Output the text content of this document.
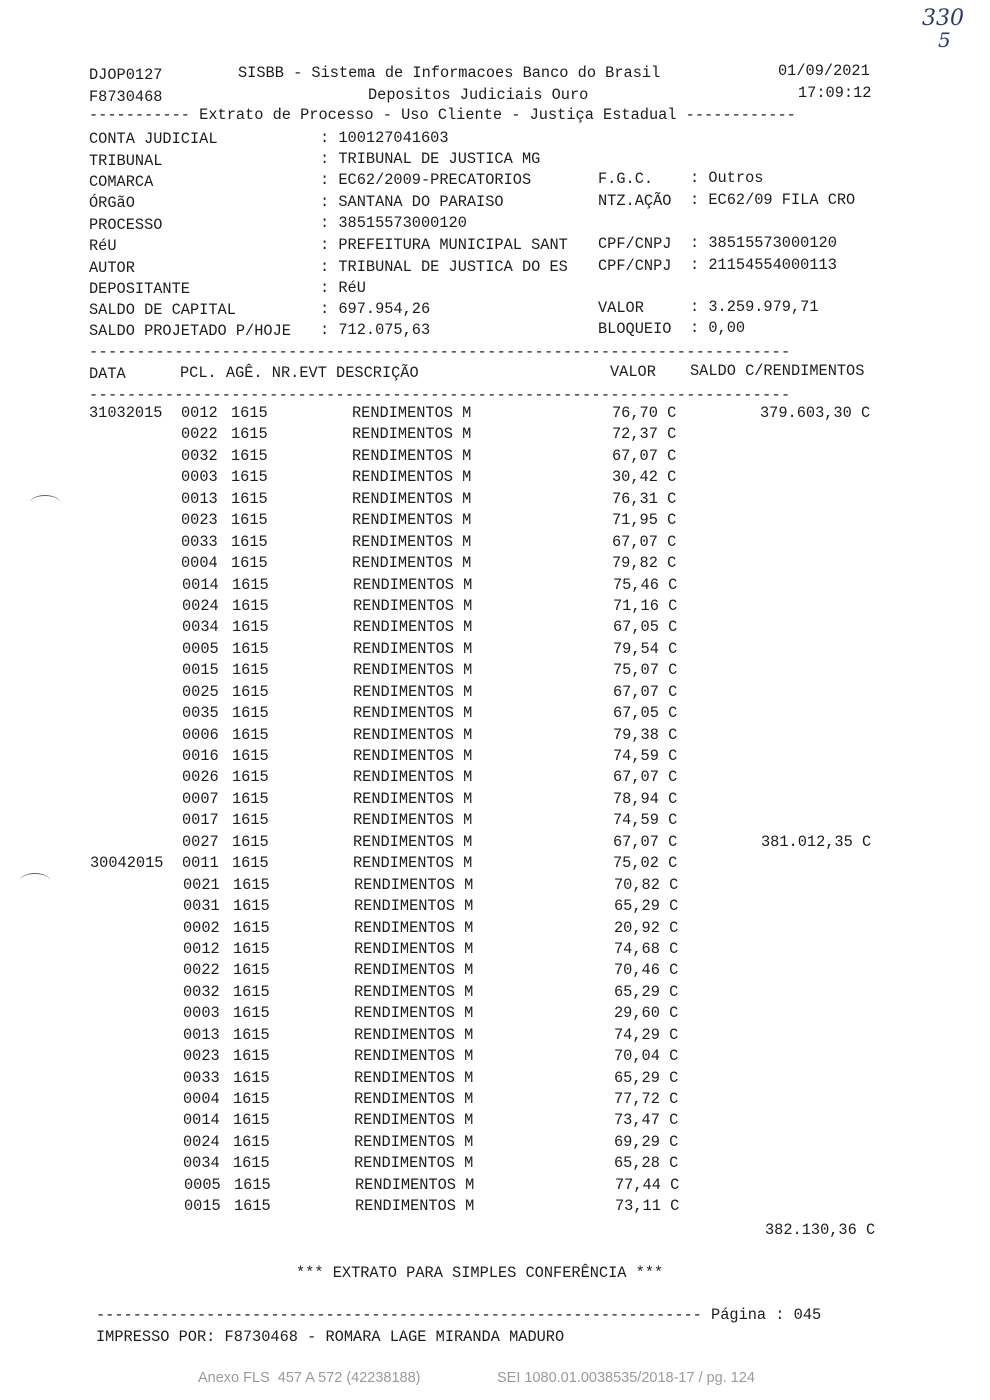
330
5
DJOP0127	SISBB - Sistema de Informacoes Banco do Brasil	01/09/2021
F8730468	Depositos Judiciais Ouro	17:09:12
----------- Extrato de Processo - Uso Cliente - Justiça Estadual ------------
CONTA JUDICIAL	: 100127041603
TRIBUNAL	: TRIBUNAL DE JUSTICA MG
COMARCA	: EC62/2009-PRECATORIOS	F.G.C. : Outros
ÓRGãO	: SANTANA DO PARAISO	NTZ.AÇÃO : EC62/09 FILA CRO
PROCESSO	: 38515573000120
RéU	: PREFEITURA MUNICIPAL SANT CPF/CNPJ : 38515573000120
AUTOR	: TRIBUNAL DE JUSTICA DO ES CPF/CNPJ : 21154554000113
DEPOSITANTE	: RéU
SALDO DE CAPITAL	: 697.954,26	VALOR	: 3.259.979,71
SALDO PROJETADO P/HOJE : 712.075,63	BLOQUEIO : 0,00
--------------------------------------------------------------------------
DATA	PCL. AGÊ. NR.EVT DESCRIÇÃO	VALOR SALDO C/RENDIMENTOS
--------------------------------------------------------------------------
31032015 0012 1615	RENDIMENTOS M	76,70 C	379.603,30 C
0022 1615	RENDIMENTOS M	72,37 C
0032 1615	RENDIMENTOS M	67,07 C
0003 1615	RENDIMENTOS M	30,42 C
0013 1615	RENDIMENTOS M	76,31 C
0023 1615	RENDIMENTOS M	71,95 C
0033 1615	RENDIMENTOS M	67,07 C
0004 1615	RENDIMENTOS M	79,82 C
0014 1615	RENDIMENTOS M	75,46 C
0024 1615	RENDIMENTOS M	71,16 C
0034 1615	RENDIMENTOS M	67,05 C
0005 1615	RENDIMENTOS M	79,54 C
0015 1615	RENDIMENTOS M	75,07 C
0025 1615	RENDIMENTOS M	67,07 C
0035 1615	RENDIMENTOS M	67,05 C
0006 1615	RENDIMENTOS M	79,38 C
0016 1615	RENDIMENTOS M	74,59 C
0026 1615	RENDIMENTOS M	67,07 C
0007 1615	RENDIMENTOS M	78,94 C
0017 1615	RENDIMENTOS M	74,59 C
0027 1615	RENDIMENTOS M	67,07 C	381.012,35 C
30042015 0011 1615	RENDIMENTOS M	75,02 C
0021 1615	RENDIMENTOS M	70,82 C
0031 1615	RENDIMENTOS M	65,29 C
0002 1615	RENDIMENTOS M	20,92 C
0012 1615	RENDIMENTOS M	74,68 C
0022 1615	RENDIMENTOS M	70,46 C
0032 1615	RENDIMENTOS M	65,29 C
0003 1615	RENDIMENTOS M	29,60 C
0013 1615	RENDIMENTOS M	74,29 C
0023 1615	RENDIMENTOS M	70,04 C
0033 1615	RENDIMENTOS M	65,29 C
0004 1615	RENDIMENTOS M	77,72 C
0014 1615	RENDIMENTOS M	73,47 C
0024 1615	RENDIMENTOS M	69,29 C
0034 1615	RENDIMENTOS M	65,28 C
0005 1615	RENDIMENTOS M	77,44 C
0015 1615	RENDIMENTOS M	73,11 C
382.130,36 C
*** EXTRATO PARA SIMPLES CONFERÊNCIA ***
------------------------------------------------------------------ Página : 045
IMPRESSO POR: F8730468 - ROMARA LAGE MIRANDA MADURO
Anexo FLS  457 A 572 (42238188)	SEI 1080.01.0038535/2018-17 / pg. 124
